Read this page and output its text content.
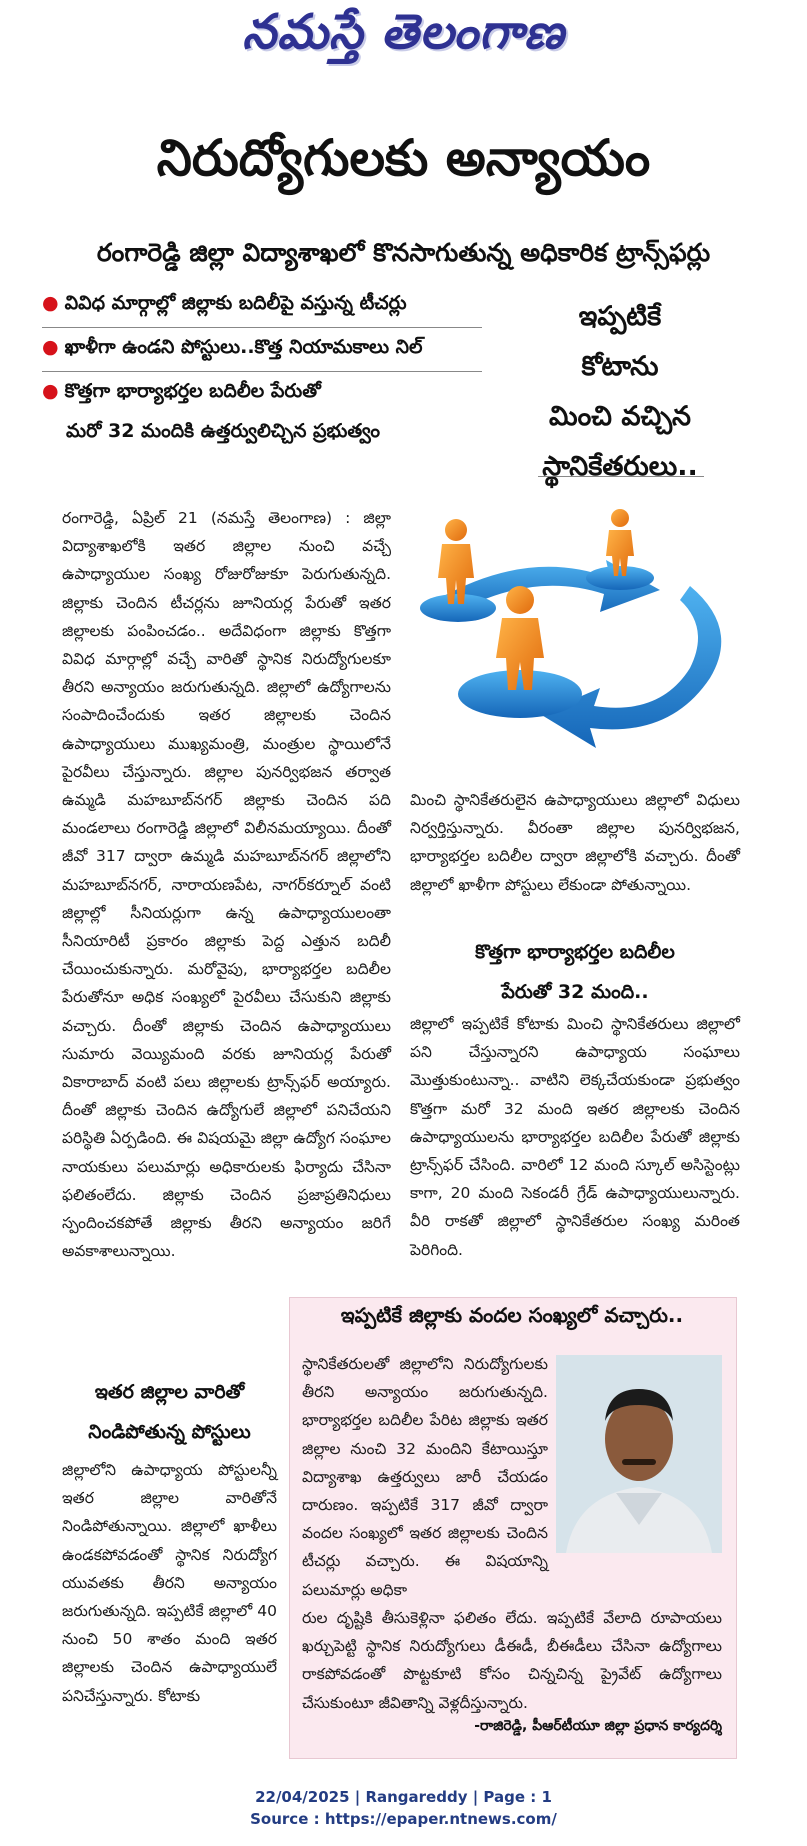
నమస్తే తెలంగాణ
నిరుద్యోగులకు అన్యాయం
రంగారెడ్డి జిల్లా విద్యాశాఖలో కొనసాగుతున్న అధికారిక ట్రాన్స్‌ఫర్లు
● వివిధ మార్గాల్లో జిల్లాకు బదిలీపై వస్తున్న టీచర్లు
● ఖాళీగా ఉండని పోస్టులు..కొత్త నియామకాలు నిల్
● కొత్తగా భార్యాభర్తల బదిలీల పేరుతో
మరో 32 మందికి ఉత్తర్వులిచ్చిన ప్రభుత్వం
ఇప్పటికే
కోటాను
మించి వచ్చిన
స్థానికేతరులు..
రంగారెడ్డి, ఏప్రిల్ 21 (నమస్తే తెలంగాణ) : జిల్లా విద్యాశాఖలోకి ఇతర జిల్లాల నుంచి వచ్చే ఉపాధ్యాయుల సంఖ్య రోజురోజుకూ పెరుగుతున్నది. జిల్లాకు చెందిన టీచర్లను జూనియర్ల పేరుతో ఇతర జిల్లాలకు పంపించడం.. అదేవిధంగా జిల్లాకు కొత్తగా వివిధ మార్గాల్లో వచ్చే వారితో స్థానిక నిరుద్యోగులకూ తీరని అన్యాయం జరుగుతున్నది. జిల్లాలో ఉద్యోగాలను సంపాదించేందుకు ఇతర జిల్లాలకు చెందిన ఉపాధ్యాయులు ముఖ్యమంత్రి, మంత్రుల స్థాయిలోనే పైరవీలు చేస్తున్నారు. జిల్లాల పునర్విభజన తర్వాత ఉమ్మడి మహబూబ్‌నగర్ జిల్లాకు చెందిన పది మండలాలు రంగారెడ్డి జిల్లాలో విలీనమయ్యాయి. దీంతో జీవో 317 ద్వారా ఉమ్మడి మహబూబ్‌నగర్ జిల్లాలోని మహబూబ్‌నగర్, నారాయణపేట, నాగర్‌కర్నూల్ వంటి జిల్లాల్లో సీనియర్లుగా ఉన్న ఉపాధ్యాయులంతా సీనియారిటీ ప్రకారం జిల్లాకు పెద్ద ఎత్తున బదిలీ చేయించుకున్నారు. మరోవైపు, భార్యాభర్తల బదిలీల పేరుతోనూ అధిక సంఖ్యలో పైరవీలు చేసుకుని జిల్లాకు వచ్చారు. దీంతో జిల్లాకు చెందిన ఉపాధ్యాయులు సుమారు వెయ్యిమంది వరకు జూనియర్ల పేరుతో వికారాబాద్ వంటి పలు జిల్లాలకు ట్రాన్స్‌ఫర్ అయ్యారు. దీంతో జిల్లాకు చెందిన ఉద్యోగులే జిల్లాలో పనిచేయని పరిస్థితి ఏర్పడింది. ఈ విషయమై జిల్లా ఉద్యోగ సంఘాల నాయకులు పలుమార్లు అధికారులకు ఫిర్యాదు చేసినా ఫలితంలేదు. జిల్లాకు చెందిన ప్రజాప్రతినిధులు స్పందించకపోతే జిల్లాకు తీరని అన్యాయం జరిగే అవకాశాలున్నాయి.
ఇతర జిల్లాల వారితో
నిండిపోతున్న పోస్టులు
జిల్లాలోని ఉపాధ్యాయ పోస్టులన్నీ ఇతర జిల్లాల వారితోనే నిండిపోతున్నాయి. జిల్లాలో ఖాళీలు ఉండకపోవడంతో స్థానిక నిరుద్యోగ యువతకు తీరని అన్యాయం జరుగుతున్నది. ఇప్పటికే జిల్లాలో 40 నుంచి 50 శాతం మంది ఇతర జిల్లాలకు చెందిన ఉపాధ్యాయులే పనిచేస్తున్నారు. కోటాకు
మించి స్థానికేతరులైన ఉపాధ్యాయులు జిల్లాలో విధులు నిర్వర్తిస్తున్నారు. వీరంతా జిల్లాల పునర్విభజన, భార్యాభర్తల బదిలీల ద్వారా జిల్లాలోకి వచ్చారు. దీంతో జిల్లాలో ఖాళీగా పోస్టులు లేకుండా పోతున్నాయి.
కొత్తగా భార్యాభర్తల బదిలీల
పేరుతో 32 మంది..
జిల్లాలో ఇప్పటికే కోటాకు మించి స్థానికేతరులు జిల్లాలో పని చేస్తున్నారని ఉపాధ్యాయ సంఘాలు మొత్తుకుంటున్నా.. వాటిని లెక్కచేయకుండా ప్రభుత్వం కొత్తగా మరో 32 మంది ఇతర జిల్లాలకు చెందిన ఉపాధ్యాయులను భార్యాభర్తల బదిలీల పేరుతో జిల్లాకు ట్రాన్స్‌ఫర్ చేసింది. వారిలో 12 మంది స్కూల్ అసిస్టెంట్లు కాగా, 20 మంది సెకండరీ గ్రేడ్ ఉపాధ్యాయులున్నారు. వీరి రాకతో జిల్లాలో స్థానికేతరుల సంఖ్య మరింత పెరిగింది.
ఇప్పటికే జిల్లాకు వందల సంఖ్యలో వచ్చారు..
స్థానికేతరులతో జిల్లాలోని నిరుద్యోగులకు తీరని అన్యాయం జరుగుతున్నది. భార్యాభర్తల బదిలీల పేరిట జిల్లాకు ఇతర జిల్లాల నుంచి 32 మందిని కేటాయిస్తూ విద్యాశాఖ ఉత్తర్వులు జారీ చేయడం దారుణం. ఇప్పటికే 317 జీవో ద్వారా వందల సంఖ్యలో ఇతర జిల్లాలకు చెందిన టీచర్లు వచ్చారు. ఈ విషయాన్ని పలుమార్లు అధికా
రుల దృష్టికి తీసుకెళ్లినా ఫలితం లేదు. ఇప్పటికే వేలాది రూపాయలు ఖర్చుపెట్టి స్థానిక నిరుద్యోగులు డీఈడీ, బీఈడీలు చేసినా ఉద్యోగాలు రాకపోవడంతో పొట్టకూటి కోసం చిన్నచిన్న ప్రైవేట్ ఉద్యోగాలు చేసుకుంటూ జీవితాన్ని వెళ్లదీస్తున్నారు.
-రాజిరెడ్డి, పీఆర్‌టీయూ జిల్లా ప్రధాన కార్యదర్శి
22/04/2025 | Rangareddy | Page : 1
Source : https://epaper.ntnews.com/
